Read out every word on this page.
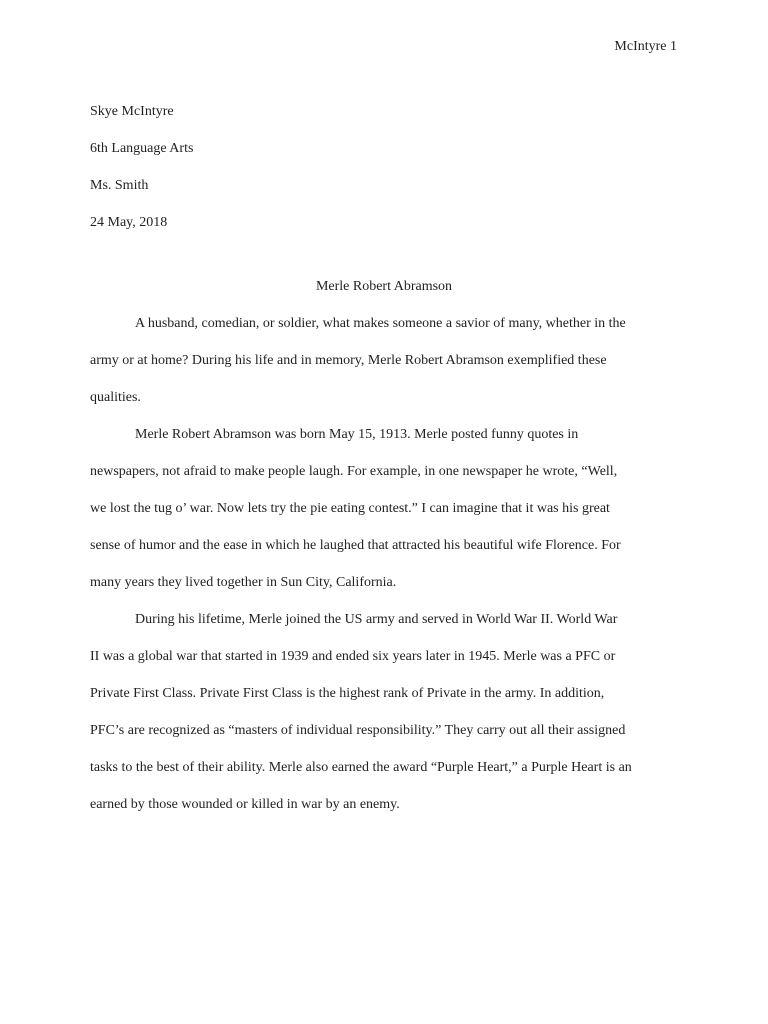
McIntyre 1
Skye McIntyre
6th Language Arts
Ms. Smith
24 May, 2018
Merle Robert Abramson

A husband, comedian, or soldier, what makes someone a savior of many, whether in the
army or at home? During his life and in memory, Merle Robert Abramson exemplified these
qualities.

Merle Robert Abramson was born May 15, 1913. Merle posted funny quotes in
newspapers, not afraid to make people laugh. For example, in one newspaper he wrote, “Well,
we lost the tug o’ war. Now lets try the pie eating contest.” I can imagine that it was his great
sense of humor and the ease in which he laughed that attracted his beautiful wife Florence. For
many years they lived together in Sun City, California.

During his lifetime, Merle joined the US army and served in World War II. World War
II was a global war that started in 1939 and ended six years later in 1945. Merle was a PFC or
Private First Class. Private First Class is the highest rank of Private in the army. In addition,
PFC’s are recognized as “masters of individual responsibility.” They carry out all their assigned
tasks to the best of their ability. Merle also earned the award “Purple Heart,” a Purple Heart is an
earned by those wounded or killed in war by an enemy.
